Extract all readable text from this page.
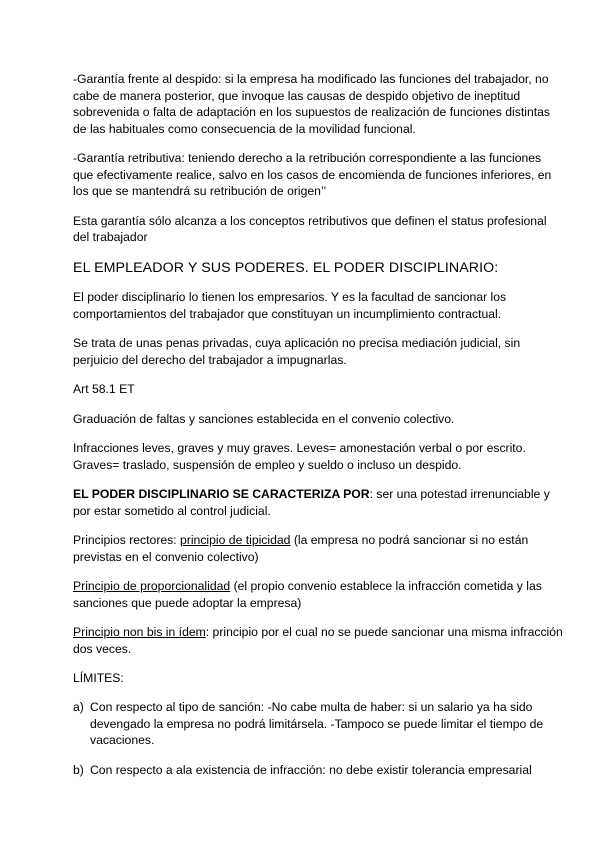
-Garantía frente al despido: si la empresa ha modificado las funciones del trabajador, no cabe de manera posterior, que invoque las causas de despido objetivo de ineptitud sobrevenida o falta de adaptación en los supuestos de realización de funciones distintas de las habituales como consecuencia de la movilidad funcional.

-Garantía retributiva: teniendo derecho a la retribución correspondiente a las funciones que efectivamente realice, salvo en los casos de encomienda de funciones inferiores, en los que se mantendrá su retribución de origen’’

Esta garantía sólo alcanza a los conceptos retributivos que definen el status profesional del trabajador

EL EMPLEADOR Y SUS PODERES. EL PODER DISCIPLINARIO:

El poder disciplinario lo tienen los empresarios. Y es la facultad de sancionar los comportamientos del trabajador que constituyan un incumplimiento contractual.

Se trata de unas penas privadas, cuya aplicación no precisa mediación judicial, sin perjuicio del derecho del trabajador a impugnarlas.

Art 58.1 ET

Graduación de faltas y sanciones establecida en el convenio colectivo.

Infracciones leves, graves y muy graves. Leves= amonestación verbal o por escrito. Graves= traslado, suspensión de empleo y sueldo o incluso un despido.

EL PODER DISCIPLINARIO SE CARACTERIZA POR: ser una potestad irrenunciable y por estar sometido al control judicial.

Principios rectores: principio de tipicidad (la empresa no podrá sancionar si no están previstas en el convenio colectivo)

Principio de proporcionalidad (el propio convenio establece la infracción cometida y las sanciones que puede adoptar la empresa)

Principio non bis in ídem: principio por el cual no se puede sancionar una misma infracción dos veces.

LÍMITES:

a) Con respecto al tipo de sanción: -No cabe multa de haber: si un salario ya ha sido devengado la empresa no podrá limitársela. -Tampoco se puede limitar el tiempo de vacaciones.
b) Con respecto a ala existencia de infracción: no debe existir tolerancia empresarial
